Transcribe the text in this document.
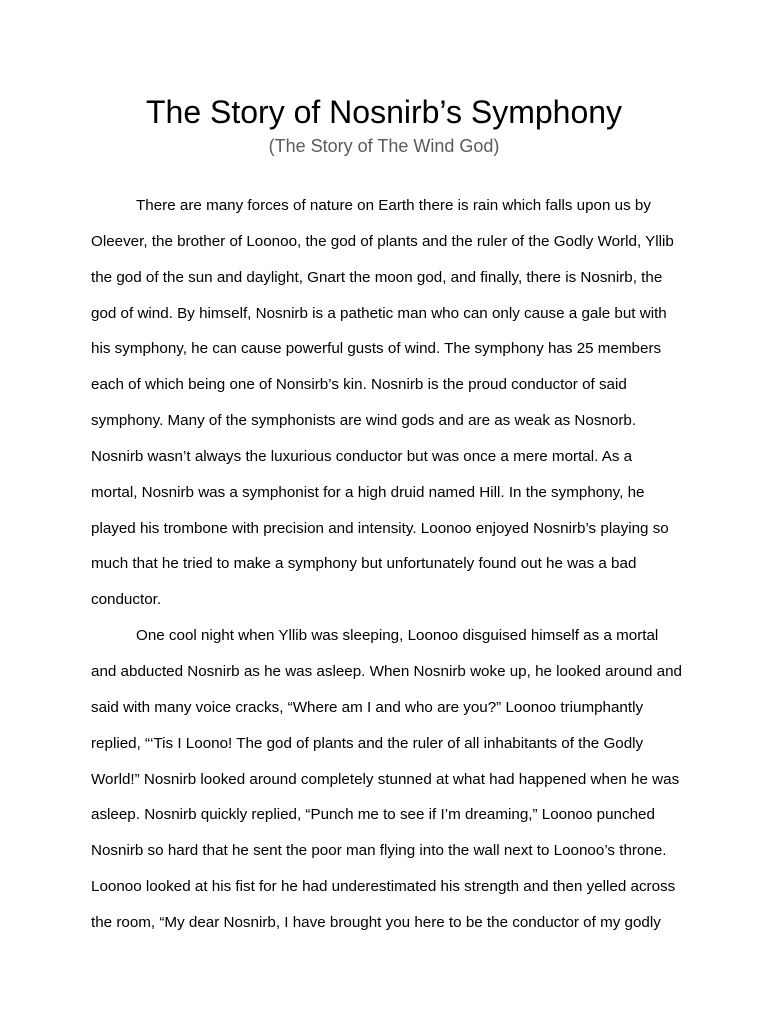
The Story of Nosnirb’s Symphony
(The Story of The Wind God)
There are many forces of nature on Earth there is rain which falls upon us by
Oleever, the brother of Loonoo, the god of plants and the ruler of the Godly World, Yllib
the god of the sun and daylight, Gnart the moon god, and finally, there is Nosnirb, the
god of wind. By himself, Nosnirb is a pathetic man who can only cause a gale but with
his symphony, he can cause powerful gusts of wind. The symphony has 25 members
each of which being one of Nonsirb’s kin. Nosnirb is the proud conductor of said
symphony. Many of the symphonists are wind gods and are as weak as Nosnorb.
Nosnirb wasn’t always the luxurious conductor but was once a mere mortal. As a
mortal, Nosnirb was a symphonist for a high druid named Hill. In the symphony, he
played his trombone with precision and intensity. Loonoo enjoyed Nosnirb’s playing so
much that he tried to make a symphony but unfortunately found out he was a bad
conductor.
One cool night when Yllib was sleeping, Loonoo disguised himself as a mortal
and abducted Nosnirb as he was asleep. When Nosnirb woke up, he looked around and
said with many voice cracks, “Where am I and who are you?” Loonoo triumphantly
replied, “‘Tis I Loono! The god of plants and the ruler of all inhabitants of the Godly
World!” Nosnirb looked around completely stunned at what had happened when he was
asleep. Nosnirb quickly replied, “Punch me to see if I’m dreaming,” Loonoo punched
Nosnirb so hard that he sent the poor man flying into the wall next to Loonoo’s throne.
Loonoo looked at his fist for he had underestimated his strength and then yelled across
the room, “My dear Nosnirb, I have brought you here to be the conductor of my godly
